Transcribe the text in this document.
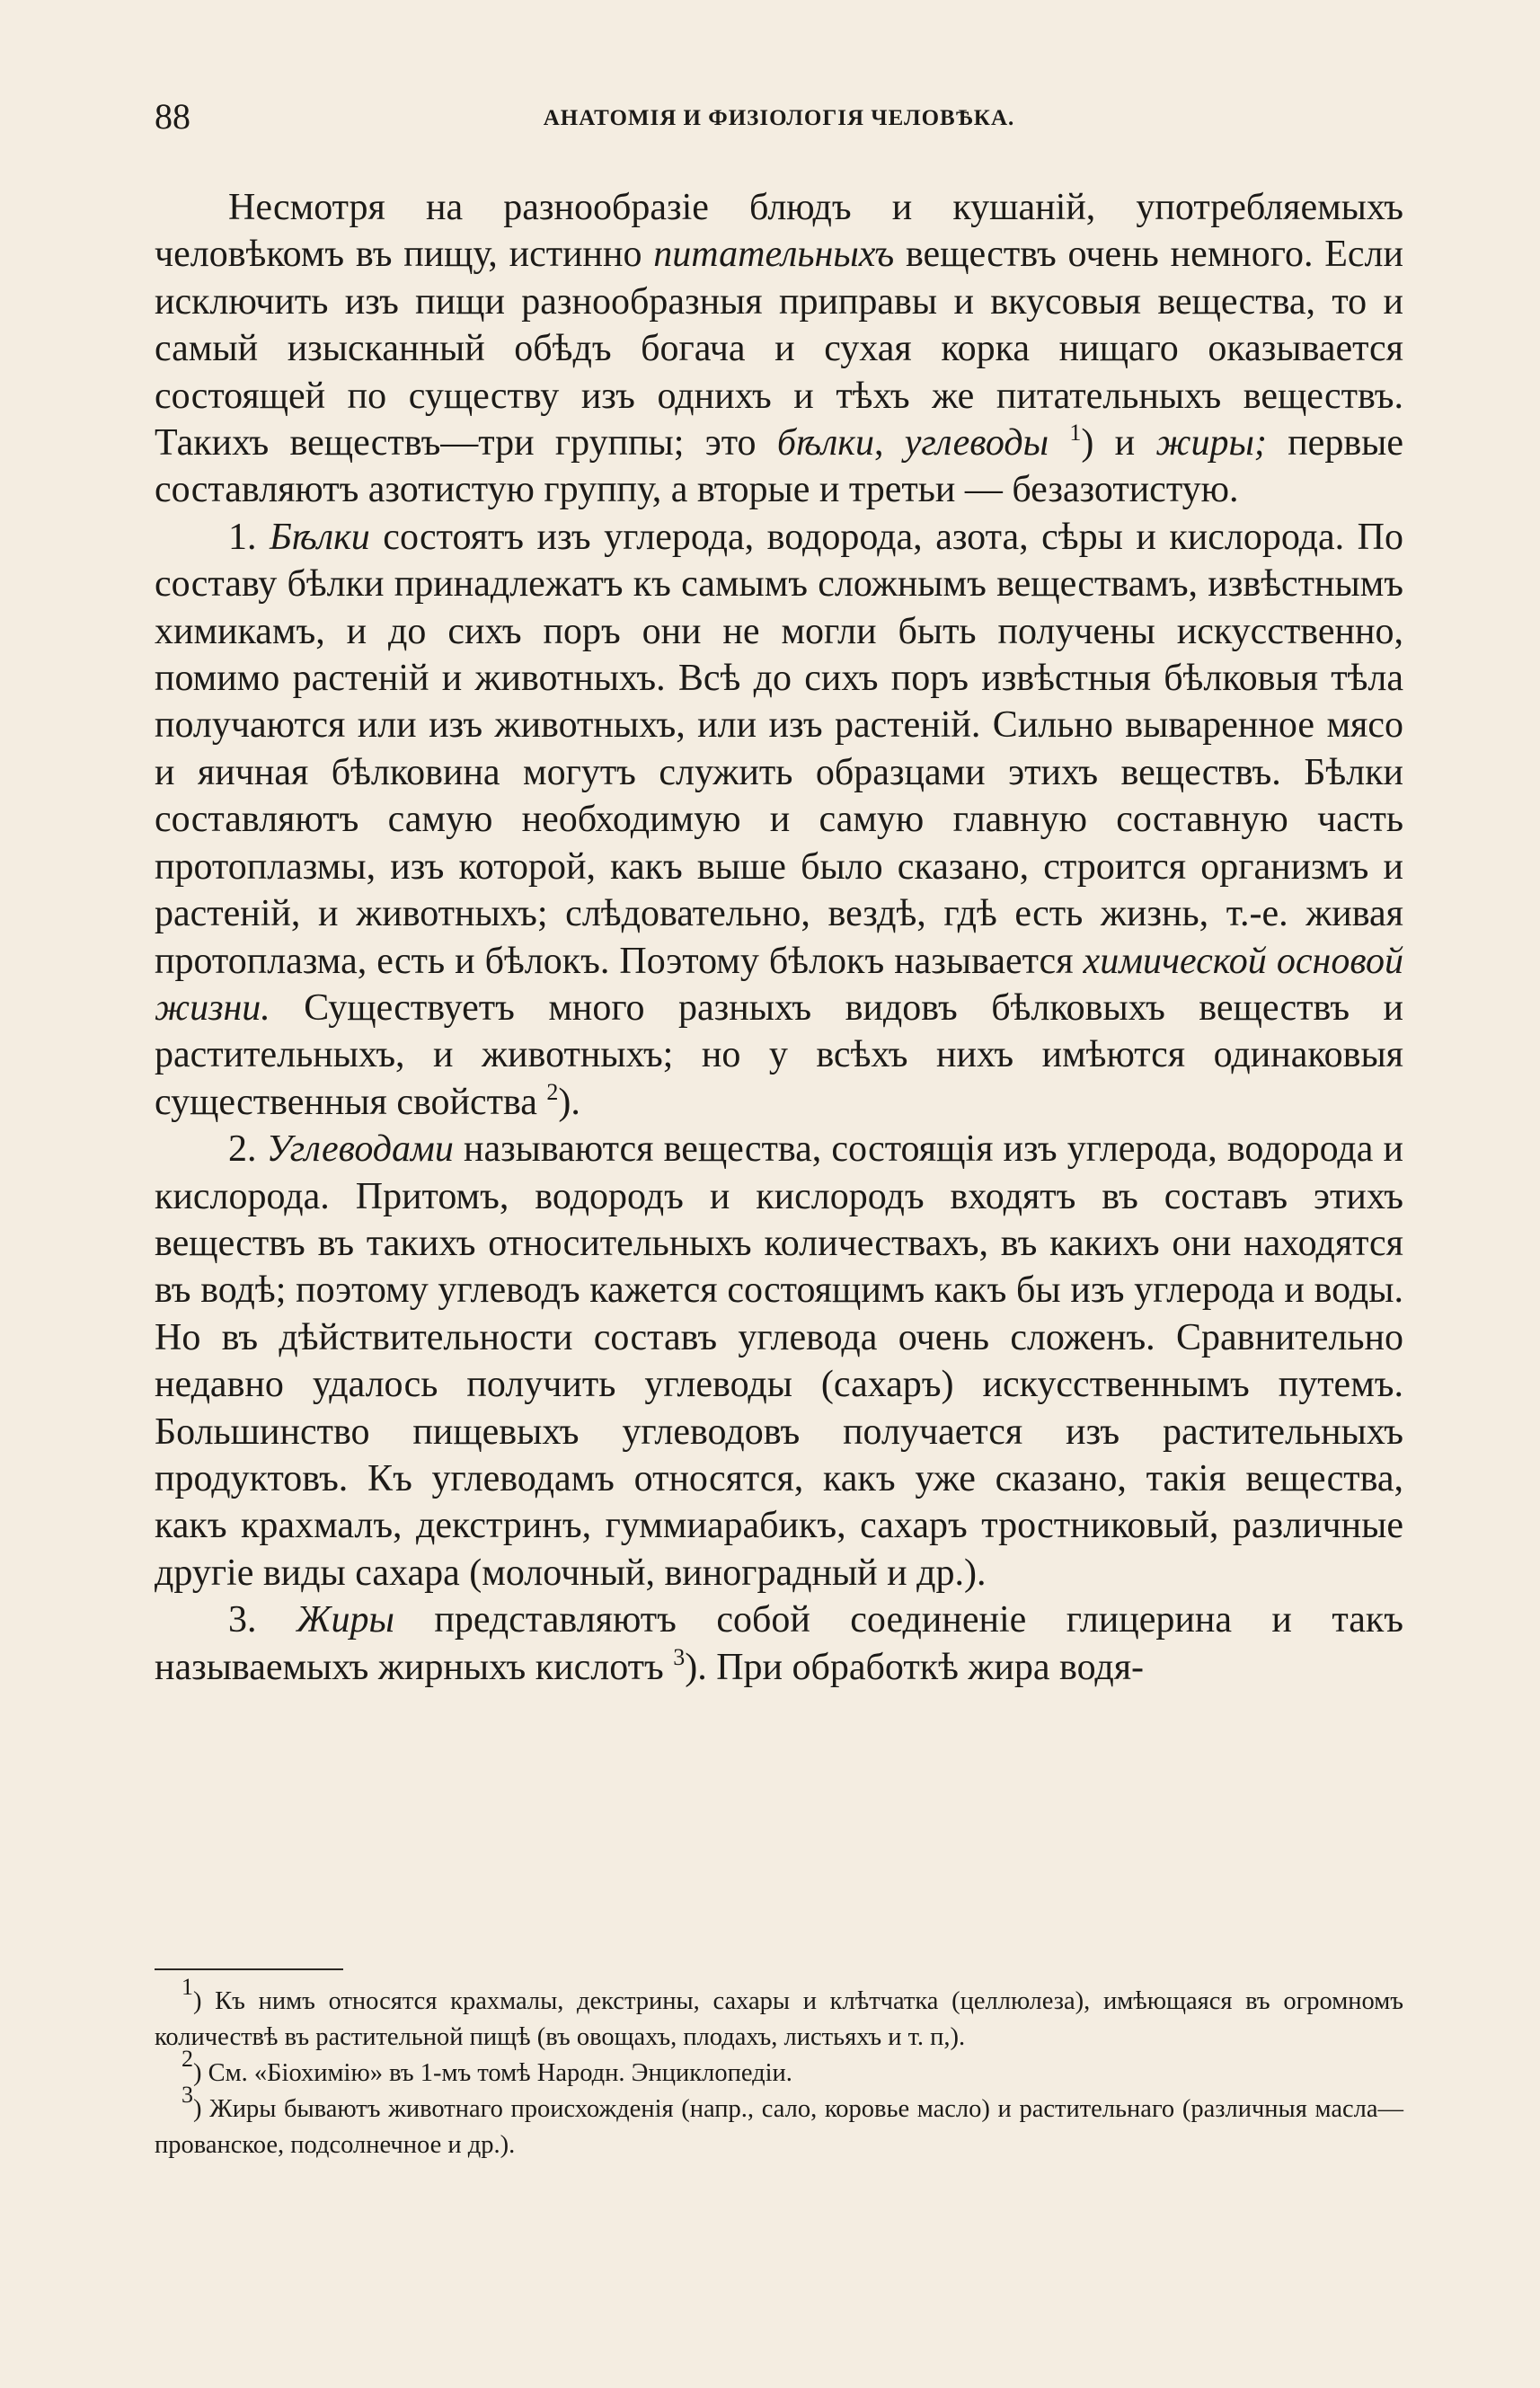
88	АНАТОМІЯ И ФИЗІОЛОГІЯ ЧЕЛОВѢКА.

Несмотря на разнообразіе блюдъ и кушаній, употребляемыхъ человѣкомъ въ пищу, истинно питательныхъ веществъ очень немного. Если исключить изъ пищи разнообразныя приправы и вкусовыя вещества, то и самый изысканный обѣдъ богача и сухая корка нищаго оказывается состоящей по существу изъ однихъ и тѣхъ же питательныхъ веществъ. Такихъ веществъ—три группы; это бѣлки, углеводы $^1$) и жиры; первые составляютъ азотистую группу, а вторые и третьи — безазотистую.

1. Бѣлки состоятъ изъ углерода, водорода, азота, сѣры и кислорода. По составу бѣлки принадлежатъ къ самымъ сложнымъ веществамъ, извѣстнымъ химикамъ, и до сихъ поръ они не могли быть получены искусственно, помимо растеній и животныхъ. Всѣ до сихъ поръ извѣстныя бѣлковыя тѣла получаются или изъ животныхъ, или изъ растеній. Сильно вываренное мясо и яичная бѣлковина могутъ служить образцами этихъ веществъ. Бѣлки составляютъ самую необходимую и самую главную составную часть протоплазмы, изъ которой, какъ выше было сказано, строится организмъ и растеній, и животныхъ; слѣдовательно, вездѣ, гдѣ есть жизнь, т.-е. живая протоплазма, есть и бѣлокъ. Поэтому бѣлокъ называется химической основой жизни. Существуетъ много разныхъ видовъ бѣлковыхъ веществъ и растительныхъ, и животныхъ; но у всѣхъ нихъ имѣются одинаковыя существенныя свойства $^2$).

2. Углеводами называются вещества, состоящія изъ углерода, водорода и кислорода. Притомъ, водородъ и кислородъ входятъ въ составъ этихъ веществъ въ такихъ относительныхъ количествахъ, въ какихъ они находятся въ водѣ; поэтому углеводъ кажется состоящимъ какъ бы изъ углерода и воды. Но въ дѣйствительности составъ углевода очень сложенъ. Сравнительно недавно удалось получить углеводы (сахаръ) искусственнымъ путемъ. Большинство пищевыхъ углеводовъ получается изъ растительныхъ продуктовъ. Къ углеводамъ относятся, какъ уже сказано, такія вещества, какъ крахмалъ, декстринъ, гуммиарабикъ, сахаръ тростниковый, различные другіе виды сахара (молочный, виноградный и др.).

3. Жиры представляютъ собой соединеніе глицерина и такъ называемыхъ жирныхъ кислотъ $^3$). При обработкѣ жира водя-

$^1$) Къ нимъ относятся крахмалы, декстрины, сахары и клѣтчатка (целлюлеза), имѣющаяся въ огромномъ количествѣ въ растительной пищѣ (въ овощахъ, плодахъ, листьяхъ и т. п,).

$^2$) См. «Біохимію» въ 1-мъ томѣ Народн. Энциклопедіи.

$^3$) Жиры бываютъ животнаго происхожденія (напр., сало, коровье масло) и растительнаго (различныя масла—прованское, подсолнечное и др.).
